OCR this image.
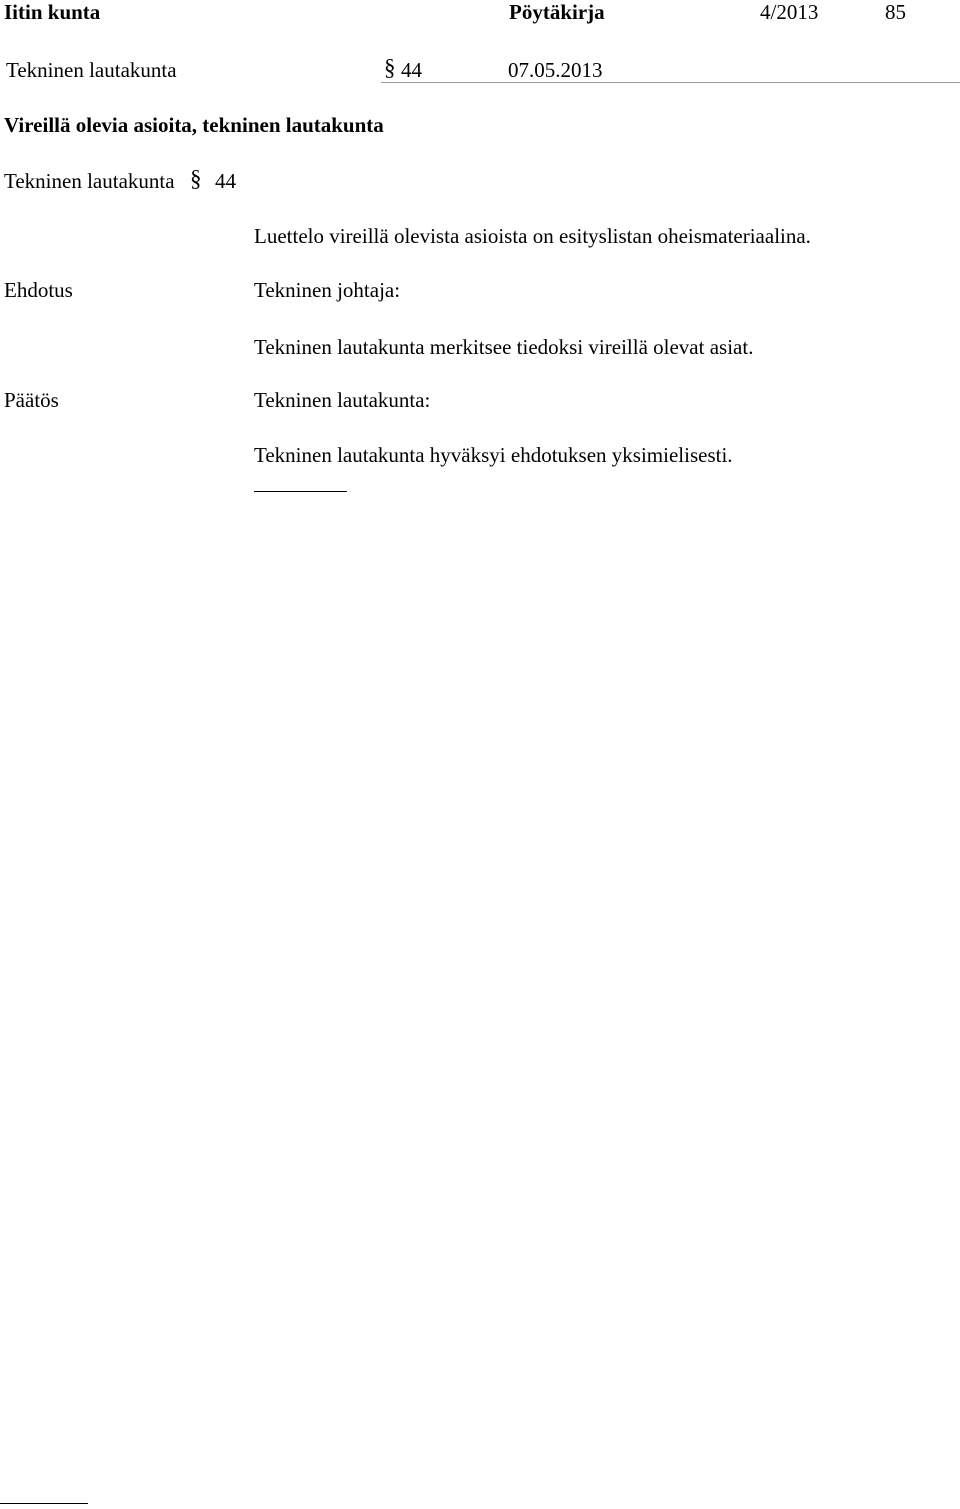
Iitin kunta	Pöytäkirja	4/2013	85
Tekninen lautakunta	§ 44	07.05.2013
Vireillä olevia asioita, tekninen lautakunta
Tekninen lautakunta § 44
Luettelo vireillä olevista asioista on esityslistan oheismateriaalina.
Ehdotus	Tekninen johtaja:
Tekninen lautakunta merkitsee tiedoksi vireillä olevat asiat.
Päätös	Tekninen lautakunta:
Tekninen lautakunta hyväksyi ehdotuksen yksimielisesti.
